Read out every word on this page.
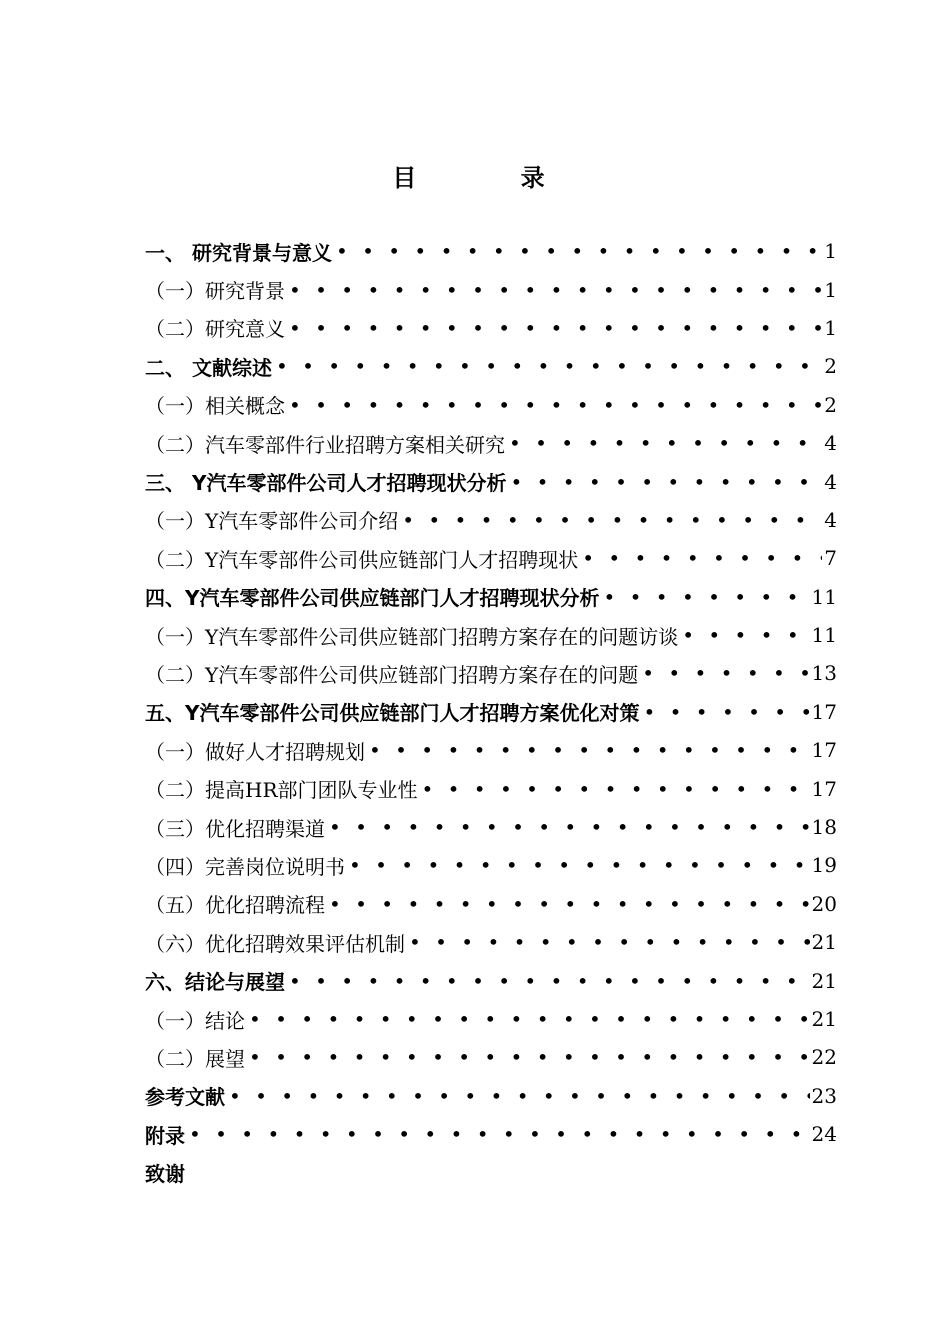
目 录
一、 研究背景与意义 • • •	1
（一）研究背景 • • •	1
（二）研究意义 • • •	1
二、 文献综述 • • •	2
（一）相关概念 • • •	2
（二）汽车零部件行业招聘方案相关研究 • • •	4
三、 Y汽车零部件公司人才招聘现状分析 • • •	4
（一）Y汽车零部件公司介绍 • • •	4
（二）Y汽车零部件公司供应链部门人才招聘现状 • • •	7
四、Y汽车零部件公司供应链部门人才招聘现状分析 • • •	11
（一）Y汽车零部件公司供应链部门招聘方案存在的问题访谈 • • •	11
（二）Y汽车零部件公司供应链部门招聘方案存在的问题 • • •	13
五、Y汽车零部件公司供应链部门人才招聘方案优化对策 • • •	17
（一）做好人才招聘规划 • • •	17
（二）提高HR部门团队专业性 • • •	17
（三）优化招聘渠道 • • •	18
（四）完善岗位说明书 • • •	19
（五）优化招聘流程 • • •	20
（六）优化招聘效果评估机制 • • •	21
六、结论与展望 • • •	21
（一）结论 • • •	21
（二）展望 • • •	22
参考文献 • • •	23
附录 • • •	24
致谢
